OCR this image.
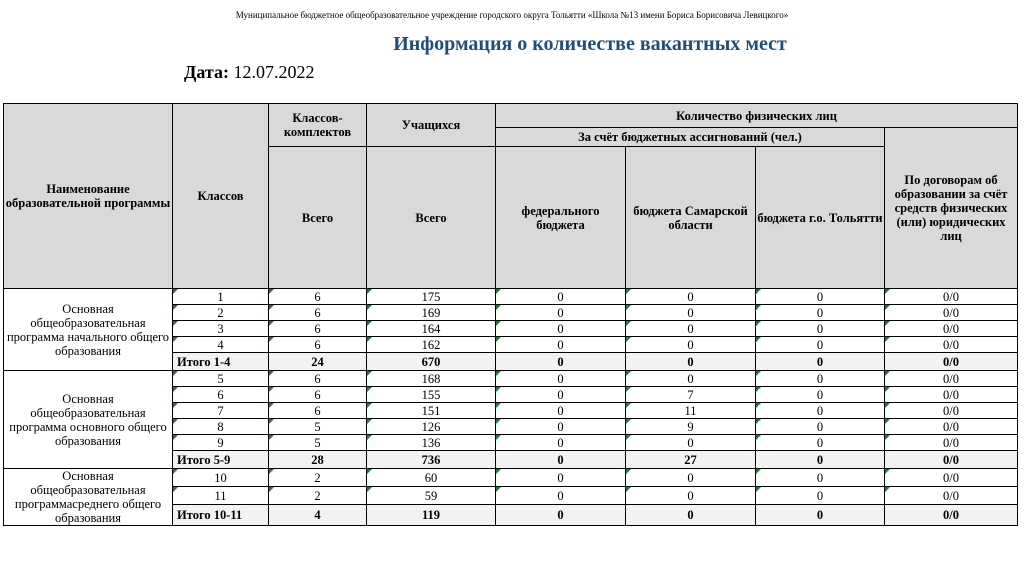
Муниципальное бюджетное общеобразовательное учреждение городского округа Тольятти «Школа №13 имени Бориса Борисовича Левицкого»
Информация о количестве вакантных мест
Дата: 12.07.2022
Наименование образовательной программы	Классов	Классов-комплектов	Учащихся	Количество физических лиц			
				За счёт бюджетных ассигнований (чел.)			По договорам об образовании за счёт средств физических (или) юридических лиц
		Всего	Всего	федерального бюджета	бюджета Самарской области	бюджета г.о. Тольятти	
Основная общеобразовательная программа начального общего образования	1	6	175	0	0	0	0/0
	2	6	169	0	0	0	0/0
	3	6	164	0	0	0	0/0
	4	6	162	0	0	0	0/0
	Итого 1-4	24	670	0	0	0	0/0
Основная общеобразовательная программа основного общего образования	5	6	168	0	0	0	0/0
	6	6	155	0	7	0	0/0
	7	6	151	0	11	0	0/0
	8	5	126	0	9	0	0/0
	9	5	136	0	0	0	0/0
	Итого 5-9	28	736	0	27	0	0/0
Основная общеобразовательная программасреднего общего образования	10	2	60	0	0	0	0/0
	11	2	59	0	0	0	0/0
	Итого 10-11	4	119	0	0	0	0/0
